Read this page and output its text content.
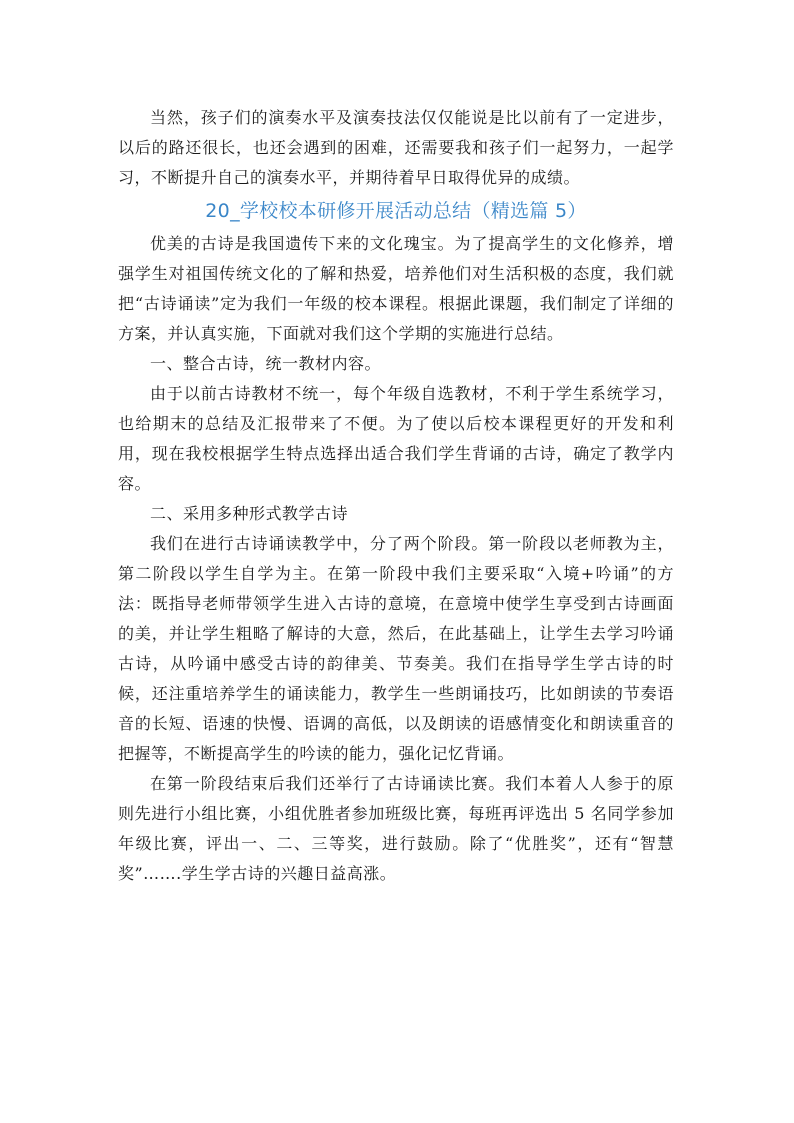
当然，孩子们的演奏水平及演奏技法仅仅能说是比以前有了一定进步，以后的路还很长，也还会遇到的困难，还需要我和孩子们一起努力，一起学习，不断提升自己的演奏水平，并期待着早日取得优异的成绩。

20_学校校本研修开展活动总结（精选篇 5）

优美的古诗是我国遗传下来的文化瑰宝。为了提高学生的文化修养，增强学生对祖国传统文化的了解和热爱，培养他们对生活积极的态度，我们就把“古诗诵读”定为我们一年级的校本课程。根据此课题，我们制定了详细的方案，并认真实施，下面就对我们这个学期的实施进行总结。

一、整合古诗，统一教材内容。

由于以前古诗教材不统一，每个年级自选教材，不利于学生系统学习，也给期末的总结及汇报带来了不便。为了使以后校本课程更好的开发和利用，现在我校根据学生特点选择出适合我们学生背诵的古诗，确定了教学内容。

二、采用多种形式教学古诗

我们在进行古诗诵读教学中，分了两个阶段。第一阶段以老师教为主，第二阶段以学生自学为主。在第一阶段中我们主要采取“入境+吟诵”的方法：既指导老师带领学生进入古诗的意境，在意境中使学生享受到古诗画面的美，并让学生粗略了解诗的大意，然后，在此基础上，让学生去学习吟诵古诗，从吟诵中感受古诗的韵律美、节奏美。我们在指导学生学古诗的时候，还注重培养学生的诵读能力，教学生一些朗诵技巧，比如朗读的节奏语音的长短、语速的快慢、语调的高低，以及朗读的语感情变化和朗读重音的把握等，不断提高学生的吟读的能力，强化记忆背诵。

在第一阶段结束后我们还举行了古诗诵读比赛。我们本着人人参于的原则先进行小组比赛，小组优胜者参加班级比赛，每班再评选出 5 名同学参加年级比赛，评出一、二、三等奖，进行鼓励。除了“优胜奖”，还有“智慧奖”…….学生学古诗的兴趣日益高涨。
